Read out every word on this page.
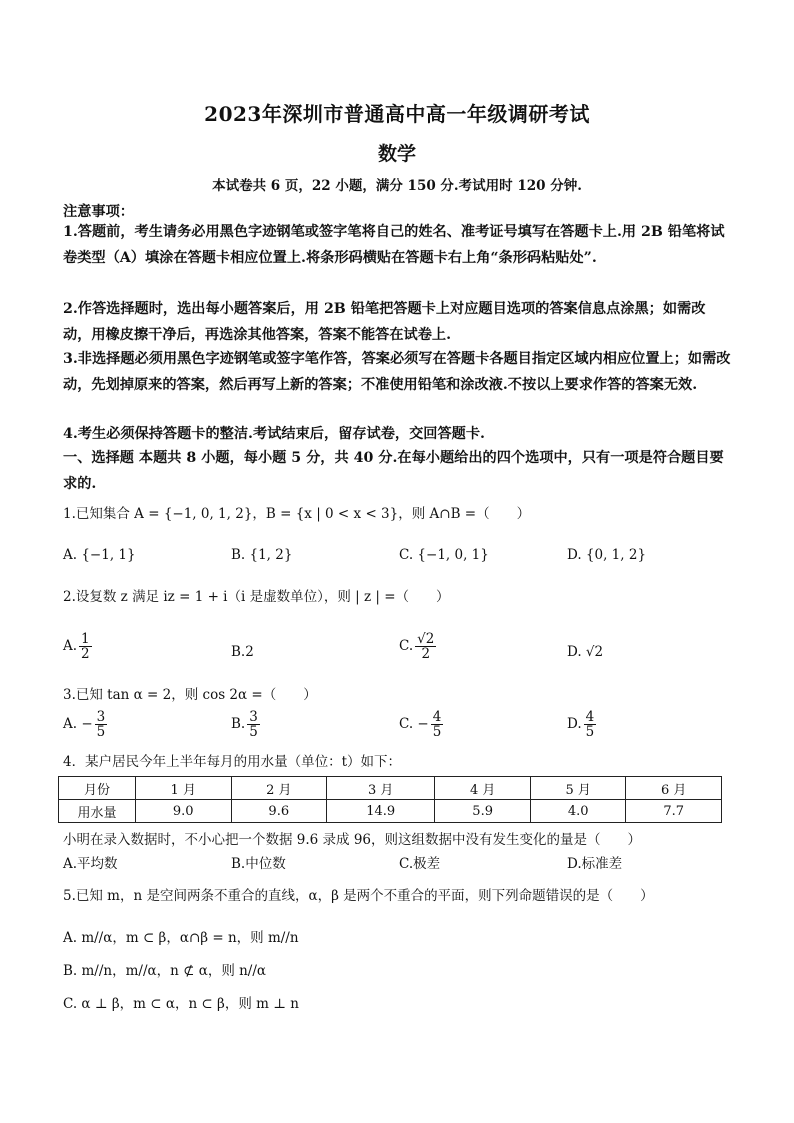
2023年深圳市普通高中高一年级调研考试
数学
本试卷共 6 页，22 小题，满分 150 分.考试用时 120 分钟.
注意事项：
1.答题前，考生请务必用黑色字迹钢笔或签字笔将自己的姓名、准考证号填写在答题卡上.用 2B 铅笔将试卷类型（A）填涂在答题卡相应位置上.将条形码横贴在答题卡右上角“条形码粘贴处”.
2.作答选择题时，选出每小题答案后，用 2B 铅笔把答题卡上对应题目选项的答案信息点涂黑；如需改动，用橡皮擦干净后，再选涂其他答案，答案不能答在试卷上.
3.非选择题必须用黑色字迹钢笔或签字笔作答，答案必须写在答题卡各题目指定区域内相应位置上；如需改动，先划掉原来的答案，然后再写上新的答案；不准使用铅笔和涂改液.不按以上要求作答的答案无效.
4.考生必须保持答题卡的整洁.考试结束后，留存试卷，交回答题卡.
一、选择题 本题共 8 小题，每小题 5 分，共 40 分.在每小题给出的四个选项中，只有一项是符合题目要求的.
1.已知集合 A = {−1, 0, 1, 2}，B = {x | 0 < x < 3}，则 A∩B =（　　）
A. {−1, 1}	B. {1, 2}	C. {−1, 0, 1}	D. {0, 1, 2}
2.设复数 z 满足 iz = 1 + i（i 是虚数单位），则 | z | =（　　）
A. $\frac{1}{2}$	B.2	C. $\frac{√2}{2}$	D. √2
3.已知 tan α = 2，则 cos 2α =（　　）
A. − $\frac{3}{5}$	B. $\frac{3}{5}$	C. − $\frac{4}{5}$	D. $\frac{4}{5}$
4．某户居民今年上半年每月的用水量（单位：t）如下：
月份	1 月	2 月	3 月	4 月	5 月	6 月
用水量	9.0	9.6	14.9	5.9	4.0	7.7
小明在录入数据时，不小心把一个数据 9.6 录成 96，则这组数据中没有发生变化的量是（　　）
A.平均数	B.中位数	C.极差	D.标准差
5.已知 m，n 是空间两条不重合的直线，α，β 是两个不重合的平面，则下列命题错误的是（　　）
A. m//α，m ⊂ β，α∩β = n，则 m//n
B. m//n，m//α，n ⊄ α，则 n//α
C. α ⊥ β，m ⊂ α，n ⊂ β，则 m ⊥ n
